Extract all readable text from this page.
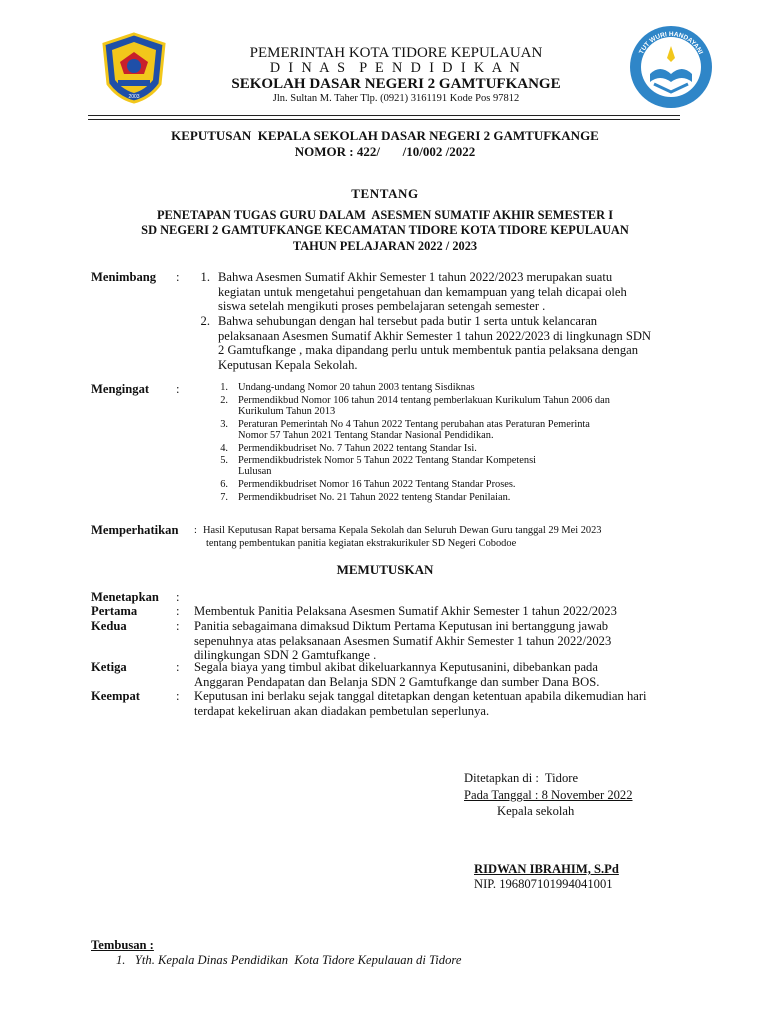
2003
TUT WURI HANDAYANI
PEMERINTAH KOTA TIDORE KEPULAUAN
D I N A S  P E N D I D I K A N
SEKOLAH DASAR NEGERI 2 GAMTUFKANGE
Jln. Sultan M. Taher Tlp. (0921) 3161191 Kode Pos 97812
KEPUTUSAN  KEPALA SEKOLAH DASAR NEGERI 2 GAMTUFKANGE
NOMOR : 422/       /10/002 /2022
TENTANG
PENETAPAN TUGAS GURU DALAM  ASESMEN SUMATIF AKHIR SEMESTER I
SD NEGERI 2 GAMTUFKANGE KECAMATAN TIDORE KOTA TIDORE KEPULAUAN
TAHUN PELAJARAN 2022 / 2023
Menimbang :	1. Bahwa Asesmen Sumatif Akhir Semester 1 tahun 2022/2023 merupakan suatu
kegiatan untuk mengetahui pengetahuan dan kemampuan yang telah dicapai oleh
siswa setelah mengikuti proses pembelajaran setengah semester .
2. Bahwa sehubungan dengan hal tersebut pada butir 1 serta untuk kelancaran
pelaksanaan Asesmen Sumatif Akhir Semester 1 tahun 2022/2023 di lingkunagn SDN
2 Gamtufkange , maka dipandang perlu untuk membentuk pantia pelaksana dengan
Keputusan Kepala Sekolah.
Mengingat :	1. Undang-undang Nomor 20 tahun 2003 tentang Sisdiknas
2. Permendikbud Nomor 106 tahun 2014 tentang pemberlakuan Kurikulum Tahun 2006 dan
Kurikulum Tahun 2013
3. Peraturan Pemerintah No 4 Tahun 2022 Tentang perubahan atas Peraturan Pemerinta
Nomor 57 Tahun 2021 Tentang Standar Nasional Pendidikan.
4. Permendikbudriset No. 7 Tahun 2022 tentang Standar Isi.
5. Permendikbudristek Nomor 5 Tahun 2022 Tentang Standar Kompetensi
Lulusan
6. Permendikbudriset Nomor 16 Tahun 2022 Tentang Standar Proses.
7. Permendikbudriset No. 21 Tahun 2022 tenteng Standar Penilaian.
Memperhatikan : Hasil Keputusan Rapat bersama Kepala Sekolah dan Seluruh Dewan Guru tanggal 29 Mei 2023
tentang pembentukan panitia kegiatan ekstrakurikuler SD Negeri Cobodoe
MEMUTUSKAN
Menetapkan :
Pertama	: Membentuk Panitia Pelaksana Asesmen Sumatif Akhir Semester 1 tahun 2022/2023
Kedua	: Panitia sebagaimana dimaksud Diktum Pertama Keputusan ini bertanggung jawab
sepenuhnya atas pelaksanaan Asesmen Sumatif Akhir Semester 1 tahun 2022/2023
dilingkungan SDN 2 Gamtufkange .
Ketiga	: Segala biaya yang timbul akibat dikeluarkannya Keputusanini, dibebankan pada
Anggaran Pendapatan dan Belanja SDN 2 Gamtufkange dan sumber Dana BOS.
Keempat	: Keputusan ini berlaku sejak tanggal ditetapkan dengan ketentuan apabila dikemudian hari
terdapat kekeliruan akan diadakan pembetulan seperlunya.
Ditetapkan di :  Tidore
Pada Tanggal : 8 November 2022
Kepala sekolah
RIDWAN IBRAHIM, S.Pd
NIP. 196807101994041001
Tembusan :
1.   Yth. Kepala Dinas Pendidikan  Kota Tidore Kepulauan di Tidore
